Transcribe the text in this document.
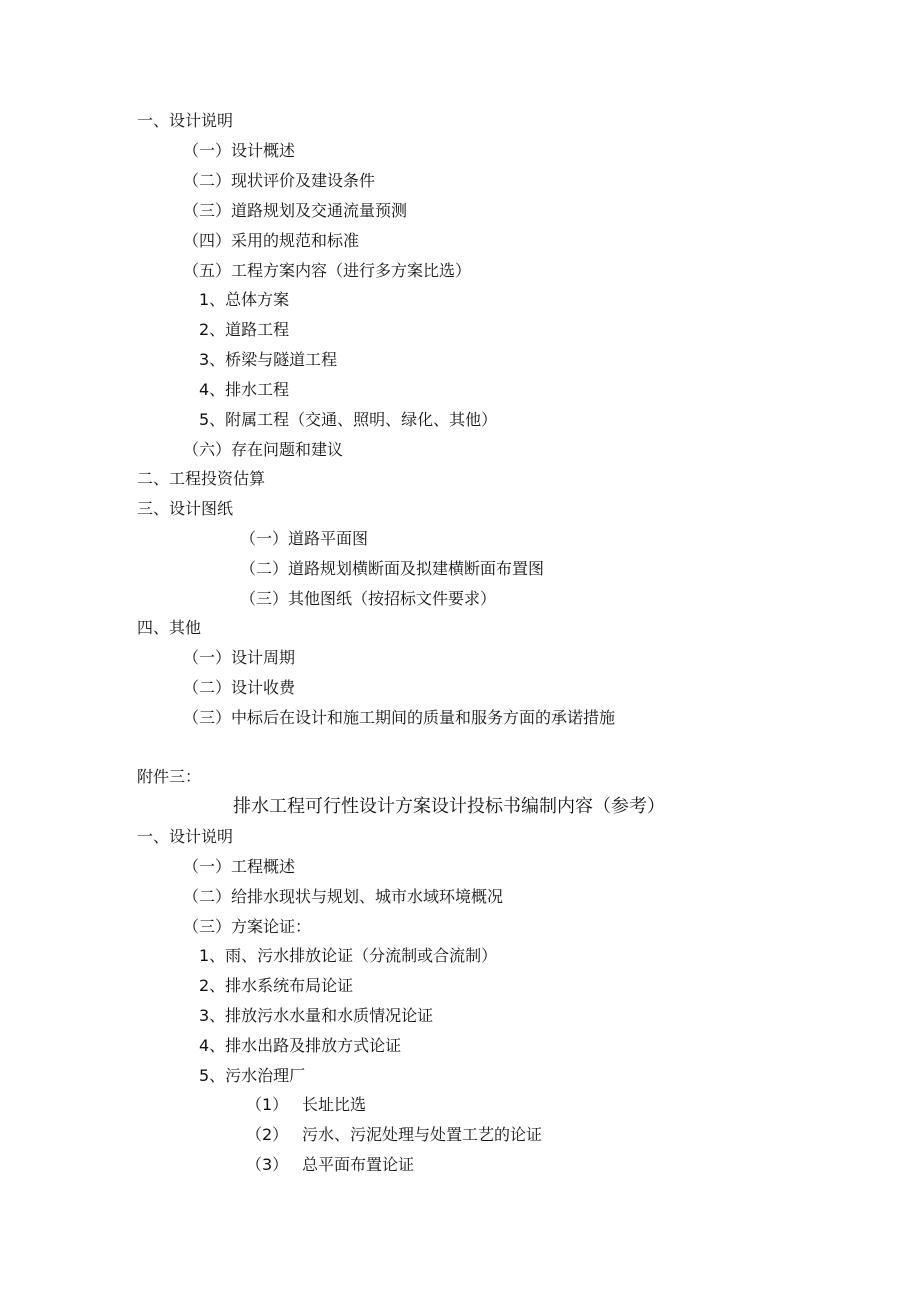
一、设计说明
（一）设计概述
（二）现状评价及建设条件
（三）道路规划及交通流量预测
（四）采用的规范和标准
（五）工程方案内容（进行多方案比选）
1、总体方案
2、道路工程
3、桥梁与隧道工程
4、排水工程
5、附属工程（交通、照明、绿化、其他）
（六）存在问题和建议
二、工程投资估算
三、设计图纸
（一）道路平面图
（二）道路规划横断面及拟建横断面布置图
（三）其他图纸（按招标文件要求）
四、其他
（一）设计周期
（二）设计收费
（三）中标后在设计和施工期间的质量和服务方面的承诺措施
附件三：
排水工程可行性设计方案设计投标书编制内容（参考）
一、设计说明
（一）工程概述
（二）给排水现状与规划、城市水域环境概况
（三）方案论证：
1、雨、污水排放论证（分流制或合流制）
2、排水系统布局论证
3、排放污水水量和水质情况论证
4、排水出路及排放方式论证
5、污水治理厂
（1） 长址比选
（2） 污水、污泥处理与处置工艺的论证
（3） 总平面布置论证
